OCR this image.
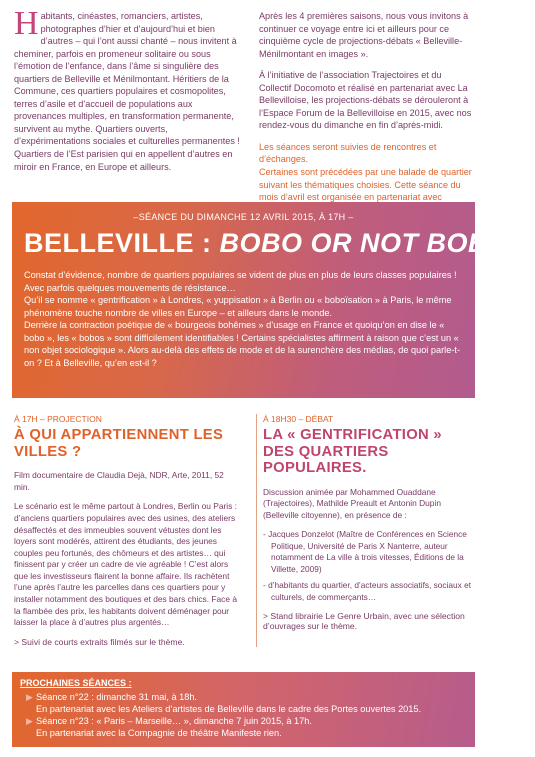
H abitants, cinéastes, romanciers, artistes, photographes d’hier et d’aujourd’hui et bien d’autres – qui l’ont aussi chanté – nous invitent à cheminer, parfois en promeneur solitaire ou sous l’émotion de l’enfance, dans l’âme si singulière des quartiers de Belleville et Ménilmontant. Héritiers de la Commune, ces quartiers populaires et cosmopolites, terres d’asile et d’accueil de populations aux provenances multiples, en transformation permanente, survivent au mythe. Quartiers ouverts, d’expérimentations sociales et culturelles permanentes ! Quartiers de l’Est parisien qui en appellent d’autres en miroir en France, en Europe et ailleurs.

Après les 4 premières saisons, nous vous invitons à continuer ce voyage entre ici et ailleurs pour ce cinquième cycle de projections-débats « Belleville-Ménilmontant en images ».

À l’initiative de l’association Trajectoires et du Collectif Docomoto et réalisé en partenariat avec La Bellevilloise, les projections-débats se dérouleront à l’Espace Forum de la Bellevilloise en 2015, avec nos rendez-vous du dimanche en fin d’après-midi.

Les séances seront suivies de rencontres et d’échanges.
Certaines sont précédées par une balade de quartier suivant les thématiques choisies. Cette séance du mois d’avril est organisée en partenariat avec

–SÉANCE DU DIMANCHE 12 AVRIL 2015, À 17H –
BELLEVILLE : BOBO OR NOT BOBO ?

Constat d’évidence, nombre de quartiers populaires se vident de plus en plus de leurs classes populaires ! Avec parfois quelques mouvements de résistance…

Qu’il se nomme « gentrification » à Londres, « yuppisation » à Berlin ou « boboïsation » à Paris, le même phénomène touche nombre de villes en Europe – et ailleurs dans le monde.

Derrière la contraction poétique de « bourgeois bohêmes » d’usage en France et quoiqu’on en dise le « bobo », les « bobos » sont difficilement identifiables ! Certains spécialistes affirment à raison que c’est un « non objet sociologique ». Alors au-delà des effets de mode et de la surenchère des médias, de quoi parle-t-on ? Et à Belleville, qu’en est-il ?

À 17H – PROJECTION
À QUI APPARTIENNENT LES VILLES ?

Film documentaire de Claudia Dejà, NDR, Arte, 2011, 52 min.

Le scénario est le même partout à Londres, Berlin ou Paris : d’anciens quartiers populaires avec des usines, des ateliers désaffectés et des immeubles souvent vétustes dont les loyers sont modérés, attirent des étudiants, des jeunes couples peu fortunés, des chômeurs et des artistes… qui finissent par y créer un cadre de vie agréable ! C’est alors que les investisseurs flairent la bonne affaire. Ils rachètent l’une après l’autre les parcelles dans ces quartiers pour y installer notamment des boutiques et des bars chics. Face à la flambée des prix, les habitants doivent déménager pour laisser la place à d’autres plus argentés…

> Suivi de courts extraits filmés sur le thème.
À 18H30 – DÉBAT
LA « GENTRIFICATION » DES QUARTIERS POPULAIRES.

Discussion animée par Mohammed Ouaddane (Trajectoires), Mathilde Preault et Antonin Dupin (Belleville citoyenne), en présence de :

- Jacques Donzelot (Maître de Conférences en Science Politique, Université de Paris X Nanterre, auteur notamment de La ville à trois vitesses, Éditions de la Villette, 2009)
- d’habitants du quartier, d’acteurs associatifs, sociaux et culturels, de commerçants…
> Stand librairie Le Genre Urbain, avec une sélection d’ouvrages sur le thème.
PROCHAINES SÉANCES :
▶ Séance n°22 : dimanche 31 mai, à 18h.
En partenariat avec les Ateliers d’artistes de Belleville dans le cadre des Portes ouvertes 2015.
▶ Séance n°23 : « Paris – Marseille… », dimanche 7 juin 2015, à 17h.
En partenariat avec la Compagnie de théâtre Manifeste rien.
